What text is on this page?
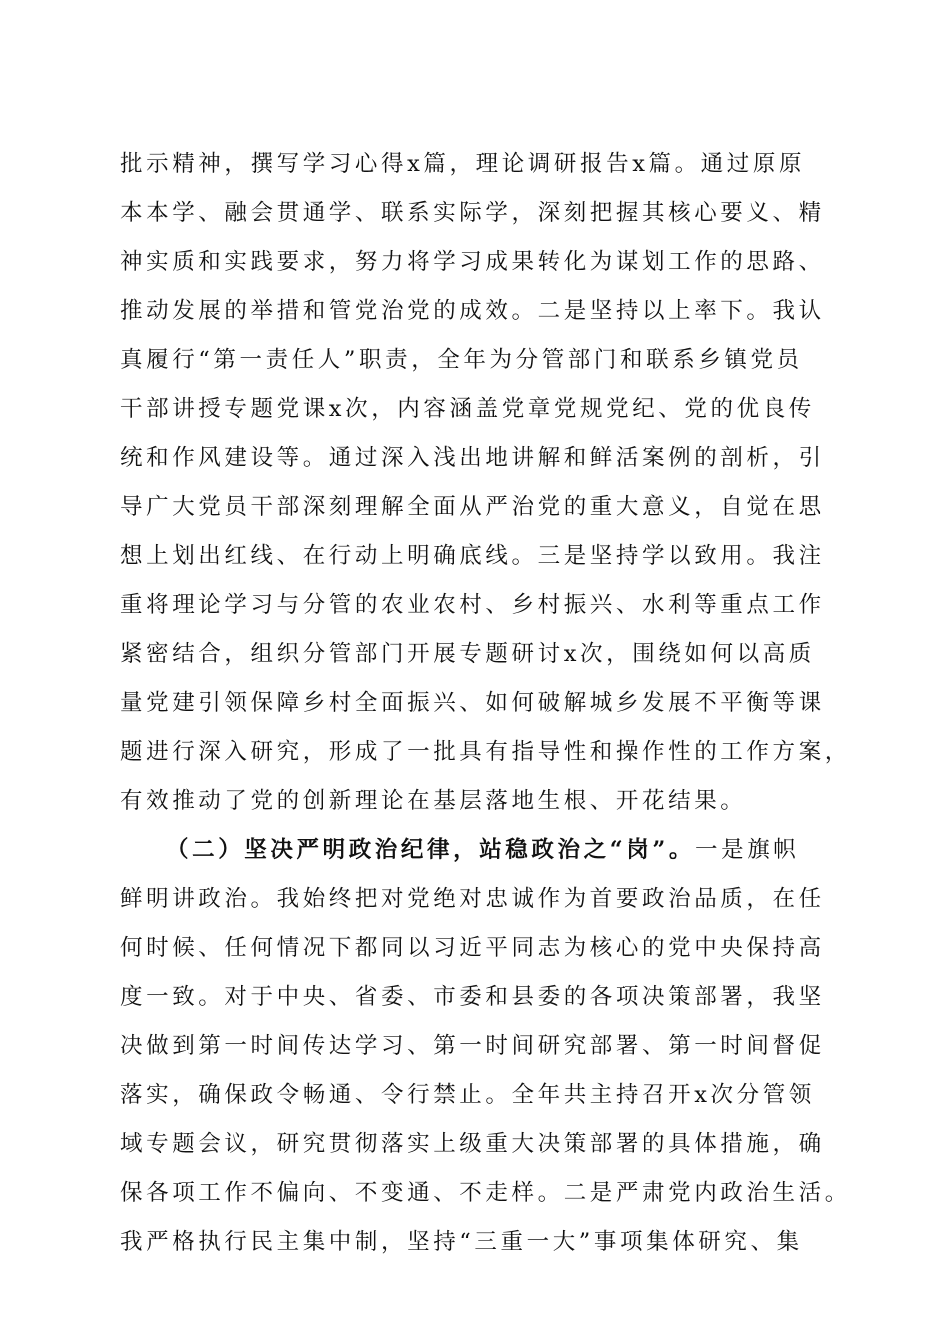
批示精神，撰写学习心得x篇，理论调研报告x篇。通过原原
本本学、融会贯通学、联系实际学，深刻把握其核心要义、精
神实质和实践要求，努力将学习成果转化为谋划工作的思路、
推动发展的举措和管党治党的成效。二是坚持以上率下。我认
真履行“第一责任人”职责，全年为分管部门和联系乡镇党员
干部讲授专题党课x次，内容涵盖党章党规党纪、党的优良传
统和作风建设等。通过深入浅出地讲解和鲜活案例的剖析，引
导广大党员干部深刻理解全面从严治党的重大意义，自觉在思
想上划出红线、在行动上明确底线。三是坚持学以致用。我注
重将理论学习与分管的农业农村、乡村振兴、水利等重点工作
紧密结合，组织分管部门开展专题研讨x次，围绕如何以高质
量党建引领保障乡村全面振兴、如何破解城乡发展不平衡等课
题进行深入研究，形成了一批具有指导性和操作性的工作方案，
有效推动了党的创新理论在基层落地生根、开花结果。
（二）坚决严明政治纪律，站稳政治之“岗”。一是旗帜
鲜明讲政治。我始终把对党绝对忠诚作为首要政治品质，在任
何时候、任何情况下都同以习近平同志为核心的党中央保持高
度一致。对于中央、省委、市委和县委的各项决策部署，我坚
决做到第一时间传达学习、第一时间研究部署、第一时间督促
落实，确保政令畅通、令行禁止。全年共主持召开x次分管领
域专题会议，研究贯彻落实上级重大决策部署的具体措施，确
保各项工作不偏向、不变通、不走样。二是严肃党内政治生活。
我严格执行民主集中制，坚持“三重一大”事项集体研究、集
